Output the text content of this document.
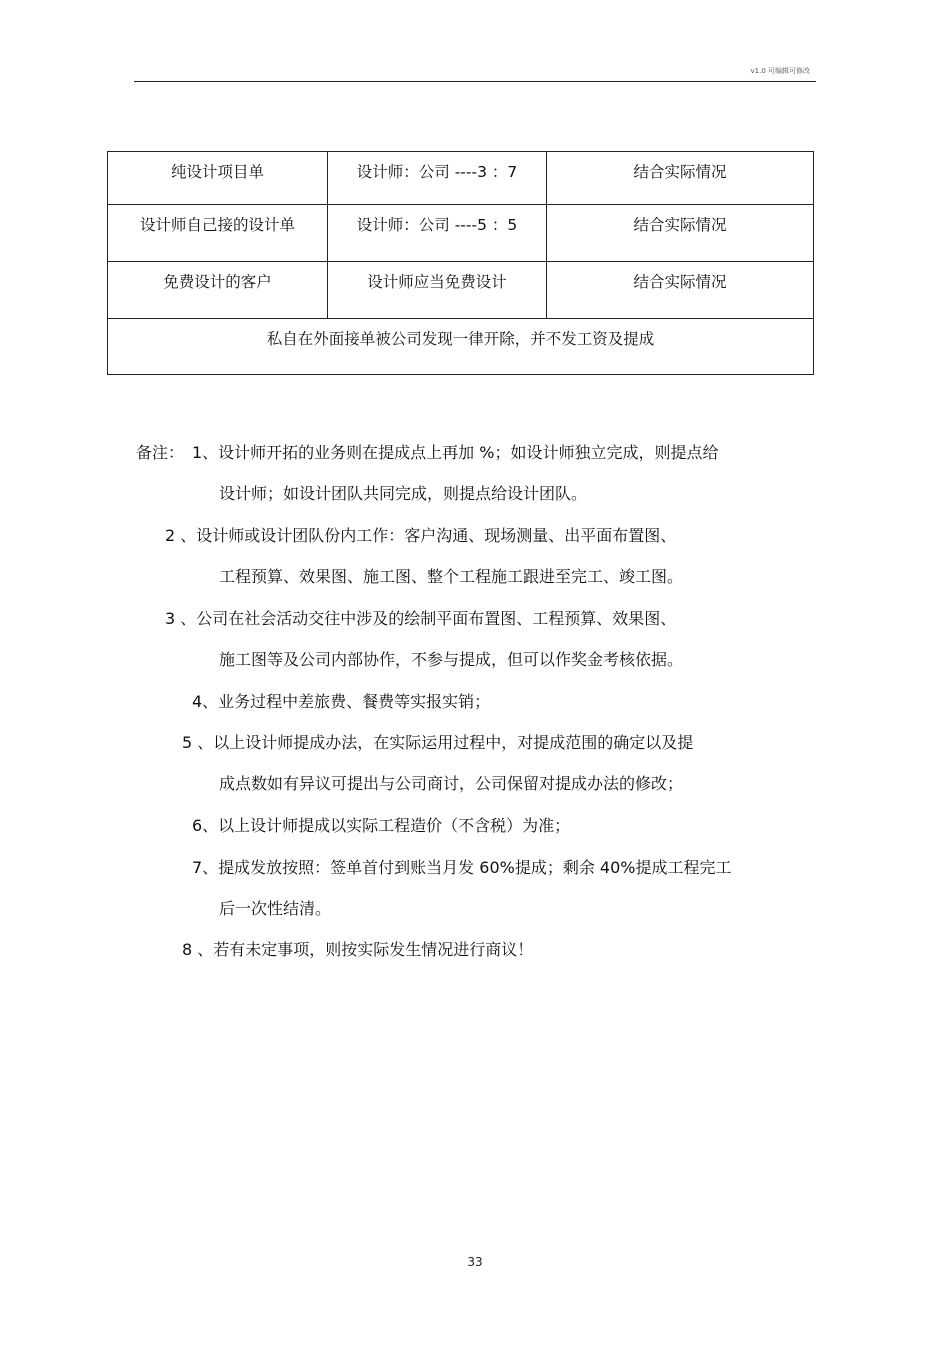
v1.0 可编辑可修改
纯设计项目单	设计师：公司 ----3 ：7	结合实际情况
设计师自己接的设计单	设计师：公司 ----5 ：5	结合实际情况
免费设计的客户	设计师应当免费设计	结合实际情况
私自在外面接单被公司发现一律开除，并不发工资及提成		
备注： 1、设计师开拓的业务则在提成点上再加 %；如设计师独立完成，则提点给
设计师；如设计团队共同完成，则提点给设计团队。
2 、设计师或设计团队份内工作：客户沟通、现场测量、出平面布置图、
工程预算、效果图、施工图、整个工程施工跟进至完工、竣工图。
3 、公司在社会活动交往中涉及的绘制平面布置图、工程预算、效果图、
施工图等及公司内部协作，不参与提成，但可以作奖金考核依据。
4、业务过程中差旅费、餐费等实报实销；
5 、以上设计师提成办法，在实际运用过程中，对提成范围的确定以及提
成点数如有异议可提出与公司商讨，公司保留对提成办法的修改；
6、以上设计师提成以实际工程造价（不含税）为准；
7、提成发放按照：签单首付到账当月发 60%提成；剩余 40%提成工程完工
后一次性结清。
8 、若有未定事项，则按实际发生情况进行商议！
33
